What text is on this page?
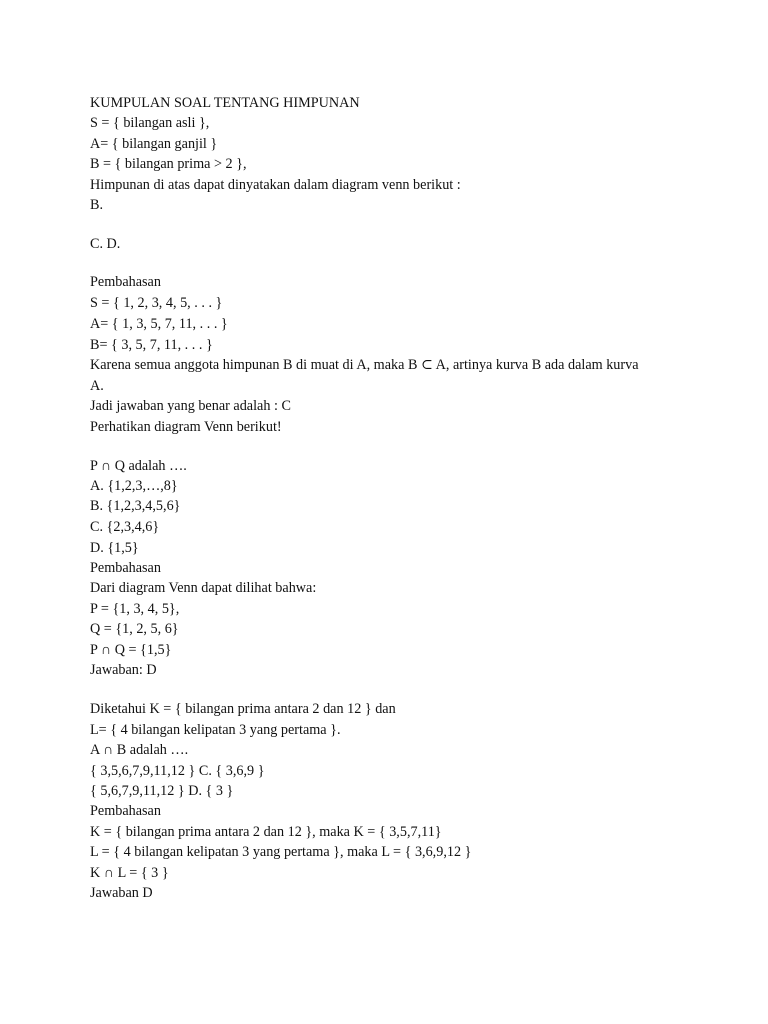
KUMPULAN SOAL TENTANG HIMPUNAN
S = { bilangan asli },
A= { bilangan ganjil }
B = { bilangan prima > 2 },
Himpunan di atas dapat dinyatakan dalam diagram venn berikut :
B.
C. D.
Pembahasan
S = { 1, 2, 3, 4, 5, . . . }
A= { 1, 3, 5, 7, 11, . . . }
B= { 3, 5, 7, 11, . . . }
Karena semua anggota himpunan B di muat di A, maka B ⊂ A, artinya kurva B ada dalam kurva
A.
Jadi jawaban yang benar adalah : C
Perhatikan diagram Venn berikut!
P ∩ Q adalah ….
A. {1,2,3,…,8}
B. {1,2,3,4,5,6}
C. {2,3,4,6}
D. {1,5}
Pembahasan
Dari diagram Venn dapat dilihat bahwa:
P = {1, 3, 4, 5},
Q = {1, 2, 5, 6}
P ∩ Q = {1,5}
Jawaban: D
Diketahui K = { bilangan prima antara 2 dan 12 } dan
L= { 4 bilangan kelipatan 3 yang pertama }.
A ∩ B adalah ….
{ 3,5,6,7,9,11,12 } C. { 3,6,9 }
{ 5,6,7,9,11,12 } D. { 3 }
Pembahasan
K = { bilangan prima antara 2 dan 12 }, maka K = { 3,5,7,11}
L = { 4 bilangan kelipatan 3 yang pertama }, maka L = { 3,6,9,12 }
K ∩ L = { 3 }
Jawaban D
